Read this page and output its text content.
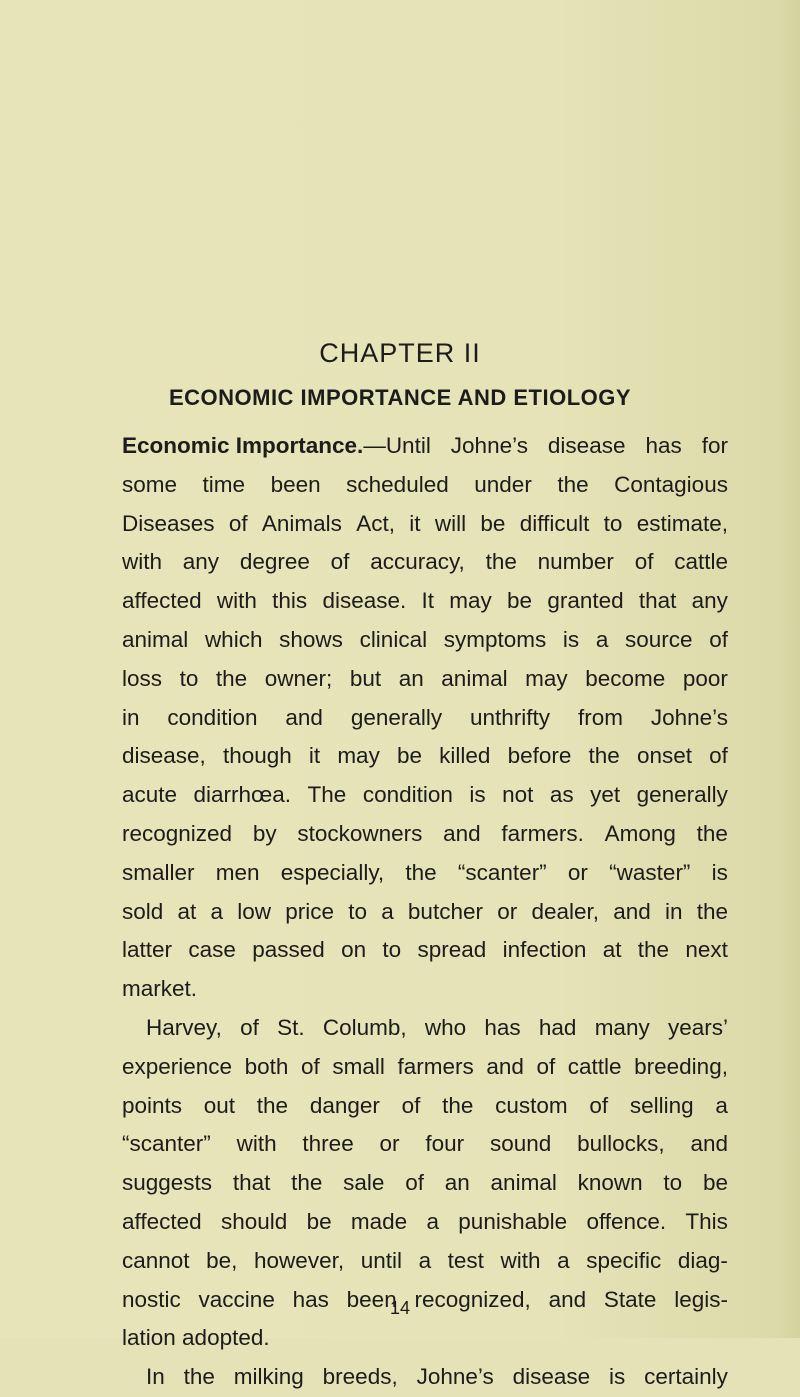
CHAPTER II
ECONOMIC IMPORTANCE AND ETIOLOGY
Economic Importance.—Until Johne’s disease has for
some time been scheduled under the Contagious
Diseases of Animals Act, it will be difficult to estimate,
with any degree of accuracy, the number of cattle
affected with this disease. It may be granted that any
animal which shows clinical symptoms is a source of
loss to the owner; but an animal may become poor
in condition and generally unthrifty from Johne’s
disease, though it may be killed before the onset of
acute diarrhœa. The condition is not as yet generally
recognized by stockowners and farmers. Among the
smaller men especially, the “scanter” or “waster” is
sold at a low price to a butcher or dealer, and in the
latter case passed on to spread infection at the next
market.
Harvey, of St. Columb, who has had many years’
experience both of small farmers and of cattle breeding,
points out the danger of the custom of selling a
“scanter” with three or four sound bullocks, and
suggests that the sale of an animal known to be
affected should be made a punishable offence. This
cannot be, however, until a test with a specific diag-
nostic vaccine has been recognized, and State legis-
lation adopted.
In the milking breeds, Johne’s disease is certainly
14
